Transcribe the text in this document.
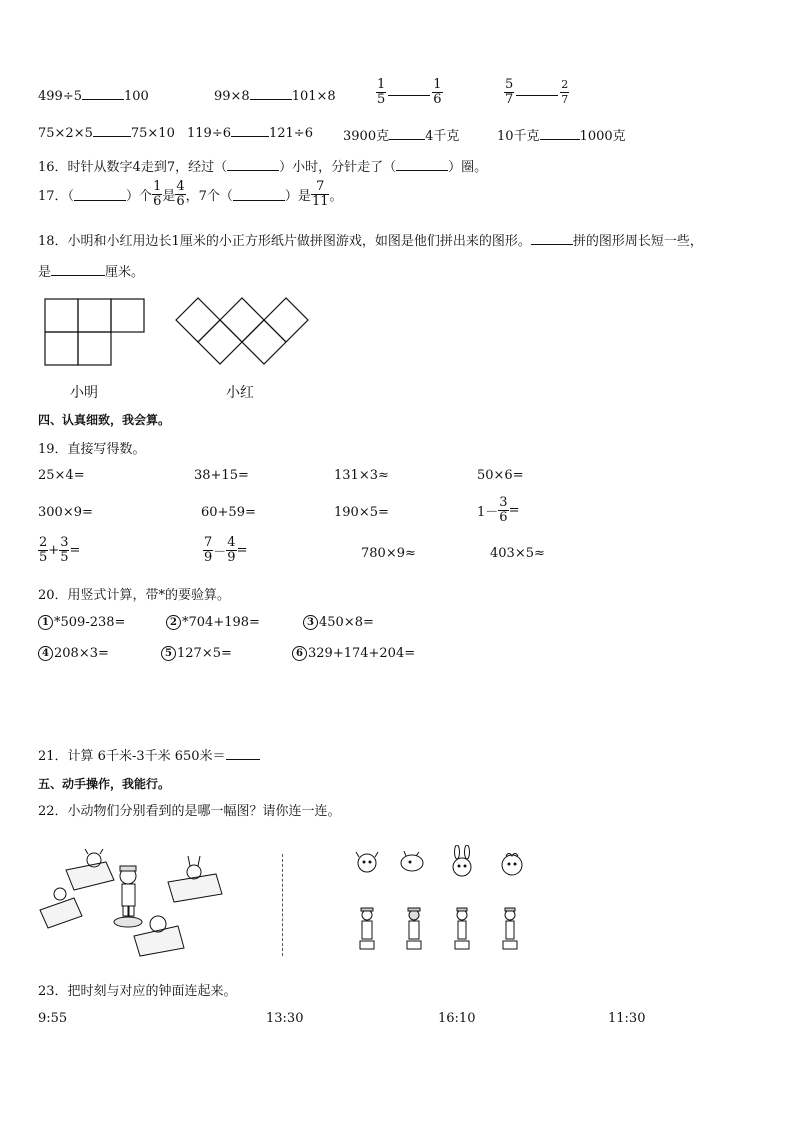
499÷5	100	99×8	101×8	$\frac{1}{5}$	$\frac{1}{6}$	$\frac{5}{7}$	$\frac{2}{7}$
75×2×5	75×10 119÷6	121÷6 3900克	4千克	10千克	1000克
16．时针从数字4走到7，经过（	）小时，分针走了（	）圈。
17．（	）个 $\frac{1}{6}$ 是 $\frac{4}{6}$ ，7个（	）是 $\frac{7}{11}$ 。
18．小明和小红用边长1厘米的小正方形纸片做拼图游戏，如图是他们拼出来的图形。	拼的图形周长短一些，
是	厘米。
小明	小红
四、认真细致，我会算。
19．直接写得数。
25×4=	38+15=	131×3≈	50×6=
300×9=	60+59=	190×5=	$1- \frac{3}{6}$ =
$\frac{2}{5} + \frac{3}{5}$ =	$\frac{7}{9} - \frac{4}{9}$ =	780×9≈	403×5≈
20．用竖式计算，带*的要验算。
1 *509-238=	2 *704+198=	3 450×8=
4 208×3=	5 127×5=	6 329+174+204=
21．计算 6千米-3千米 650米＝
五、动手操作，我能行。
22．小动物们分别看到的是哪一幅图？请你连一连。
23．把时刻与对应的钟面连起来。
9:55	13:30	16:10	11:30
